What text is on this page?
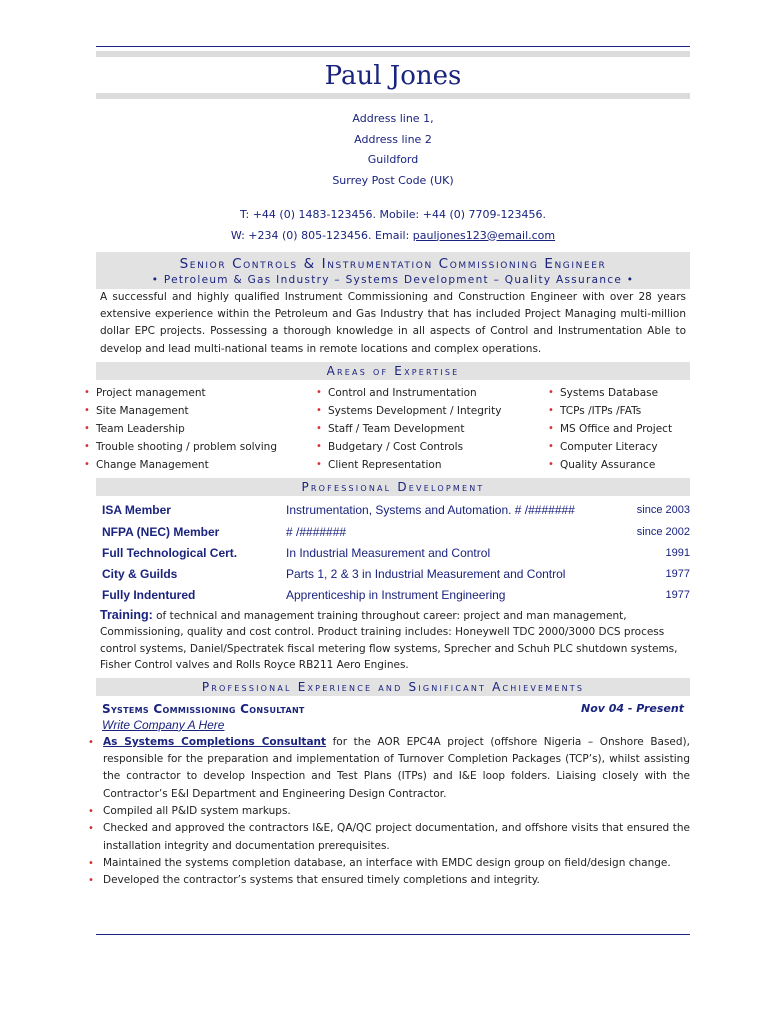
Paul Jones
Address line 1,
Address line 2
Guildford
Surrey Post Code (UK)
T: +44 (0) 1483-123456. Mobile: +44 (0) 7709-123456.
W: +234 (0) 805-123456. Email: pauljones123@email.com
Senior Controls & Instrumentation Commissioning Engineer
• Petroleum & Gas Industry – Systems Development – Quality Assurance •
A successful and highly qualified Instrument Commissioning and Construction Engineer with over 28 years extensive experience within the Petroleum and Gas Industry that has included Project Managing multi-million dollar EPC projects. Possessing a thorough knowledge in all aspects of Control and Instrumentation Able to develop and lead multi-national teams in remote locations and complex operations.
Areas of Expertise
• Project management
• Site Management
• Team Leadership
• Trouble shooting / problem solving
• Change Management
• Control and Instrumentation
• Systems Development / Integrity
• Staff / Team Development
• Budgetary / Cost Controls
• Client Representation
• Systems Database
• TCPs /ITPs /FATs
• MS Office and Project
• Computer Literacy
• Quality Assurance
Professional Development
ISA Member	Instrumentation, Systems and Automation. # /#######	since 2003
NFPA (NEC) Member	# /#######	since 2002
Full Technological Cert.	In Industrial Measurement and Control	1991
City & Guilds	Parts 1, 2 & 3 in Industrial Measurement and Control	1977
Fully Indentured	Apprenticeship in Instrument Engineering	1977
Training: of technical and management training throughout career: project and man management, Commissioning, quality and cost control. Product training includes: Honeywell TDC 2000/3000 DCS process control systems, Daniel/Spectratek fiscal metering flow systems, Sprecher and Schuh PLC shutdown systems, Fisher Control valves and Rolls Royce RB211 Aero Engines.
Professional Experience and Significant Achievements
Systems Commissioning Consultant	Nov 04 - Present
Write Company A Here
• As Systems Completions Consultant for the AOR EPC4A project (offshore Nigeria – Onshore Based), responsible for the preparation and implementation of Turnover Completion Packages (TCP’s), whilst assisting the contractor to develop Inspection and Test Plans (ITPs) and I&E loop folders. Liaising closely with the Contractor’s E&I Department and Engineering Design Contractor.
• Compiled all P&ID system markups.
• Checked and approved the contractors I&E, QA/QC project documentation, and offshore visits that ensured the installation integrity and documentation prerequisites.
• Maintained the systems completion database, an interface with EMDC design group on field/design change.
• Developed the contractor’s systems that ensured timely completions and integrity.
